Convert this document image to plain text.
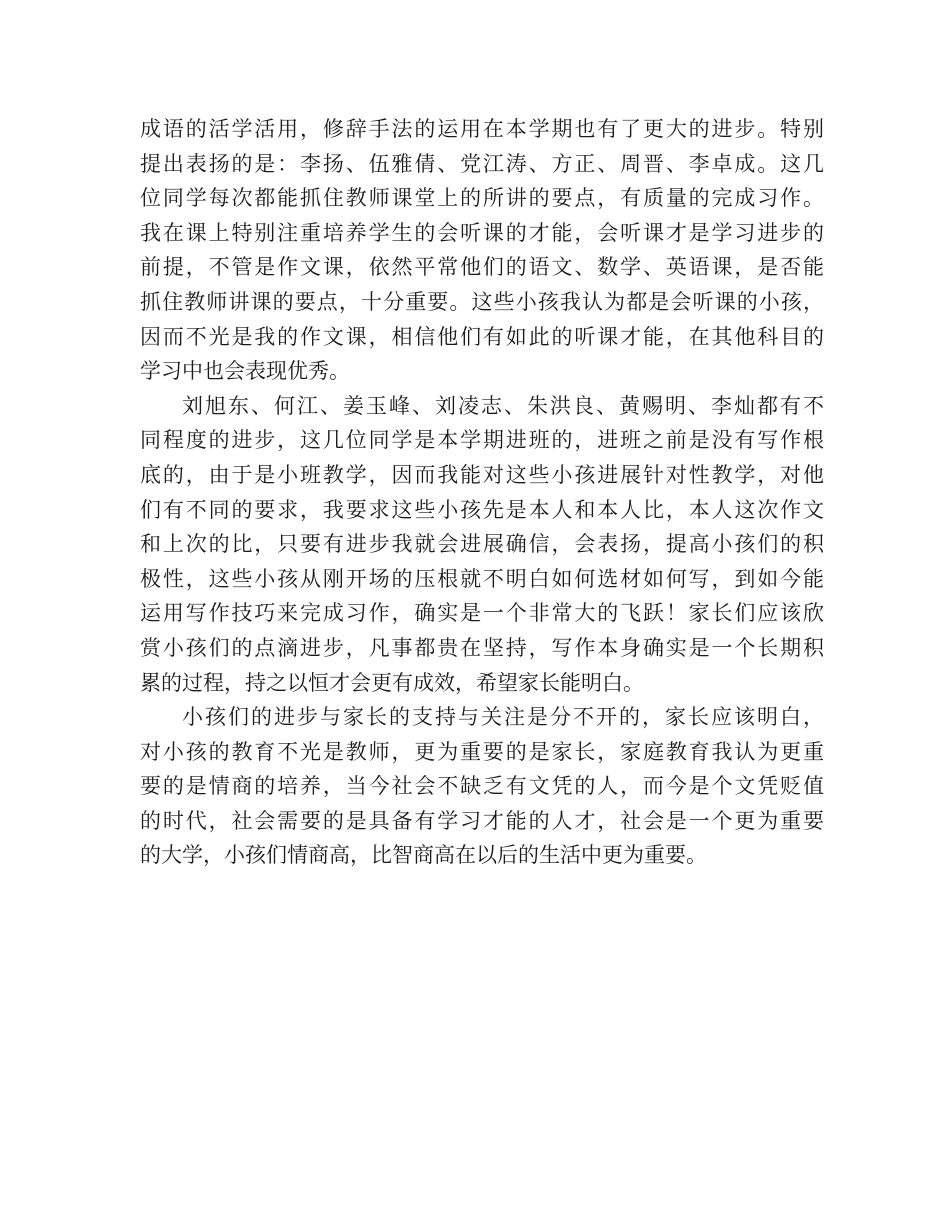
成语的活学活用，修辞手法的运用在本学期也有了更大的进步。特别
提出表扬的是：李扬、伍雅倩、党江涛、方正、周晋、李卓成。这几
位同学每次都能抓住教师课堂上的所讲的要点，有质量的完成习作。
我在课上特别注重培养学生的会听课的才能，会听课才是学习进步的
前提，不管是作文课，依然平常他们的语文、数学、英语课，是否能
抓住教师讲课的要点，十分重要。这些小孩我认为都是会听课的小孩，
因而不光是我的作文课，相信他们有如此的听课才能，在其他科目的
学习中也会表现优秀。

刘旭东、何江、姜玉峰、刘凌志、朱洪良、黄赐明、李灿都有不
同程度的进步，这几位同学是本学期进班的，进班之前是没有写作根
底的，由于是小班教学，因而我能对这些小孩进展针对性教学，对他
们有不同的要求，我要求这些小孩先是本人和本人比，本人这次作文
和上次的比，只要有进步我就会进展确信，会表扬，提高小孩们的积
极性，这些小孩从刚开场的压根就不明白如何选材如何写，到如今能
运用写作技巧来完成习作，确实是一个非常大的飞跃！家长们应该欣
赏小孩们的点滴进步，凡事都贵在坚持，写作本身确实是一个长期积
累的过程，持之以恒才会更有成效，希望家长能明白。

小孩们的进步与家长的支持与关注是分不开的，家长应该明白，
对小孩的教育不光是教师，更为重要的是家长，家庭教育我认为更重
要的是情商的培养，当今社会不缺乏有文凭的人，而今是个文凭贬值
的时代，社会需要的是具备有学习才能的人才，社会是一个更为重要
的大学，小孩们情商高，比智商高在以后的生活中更为重要。
